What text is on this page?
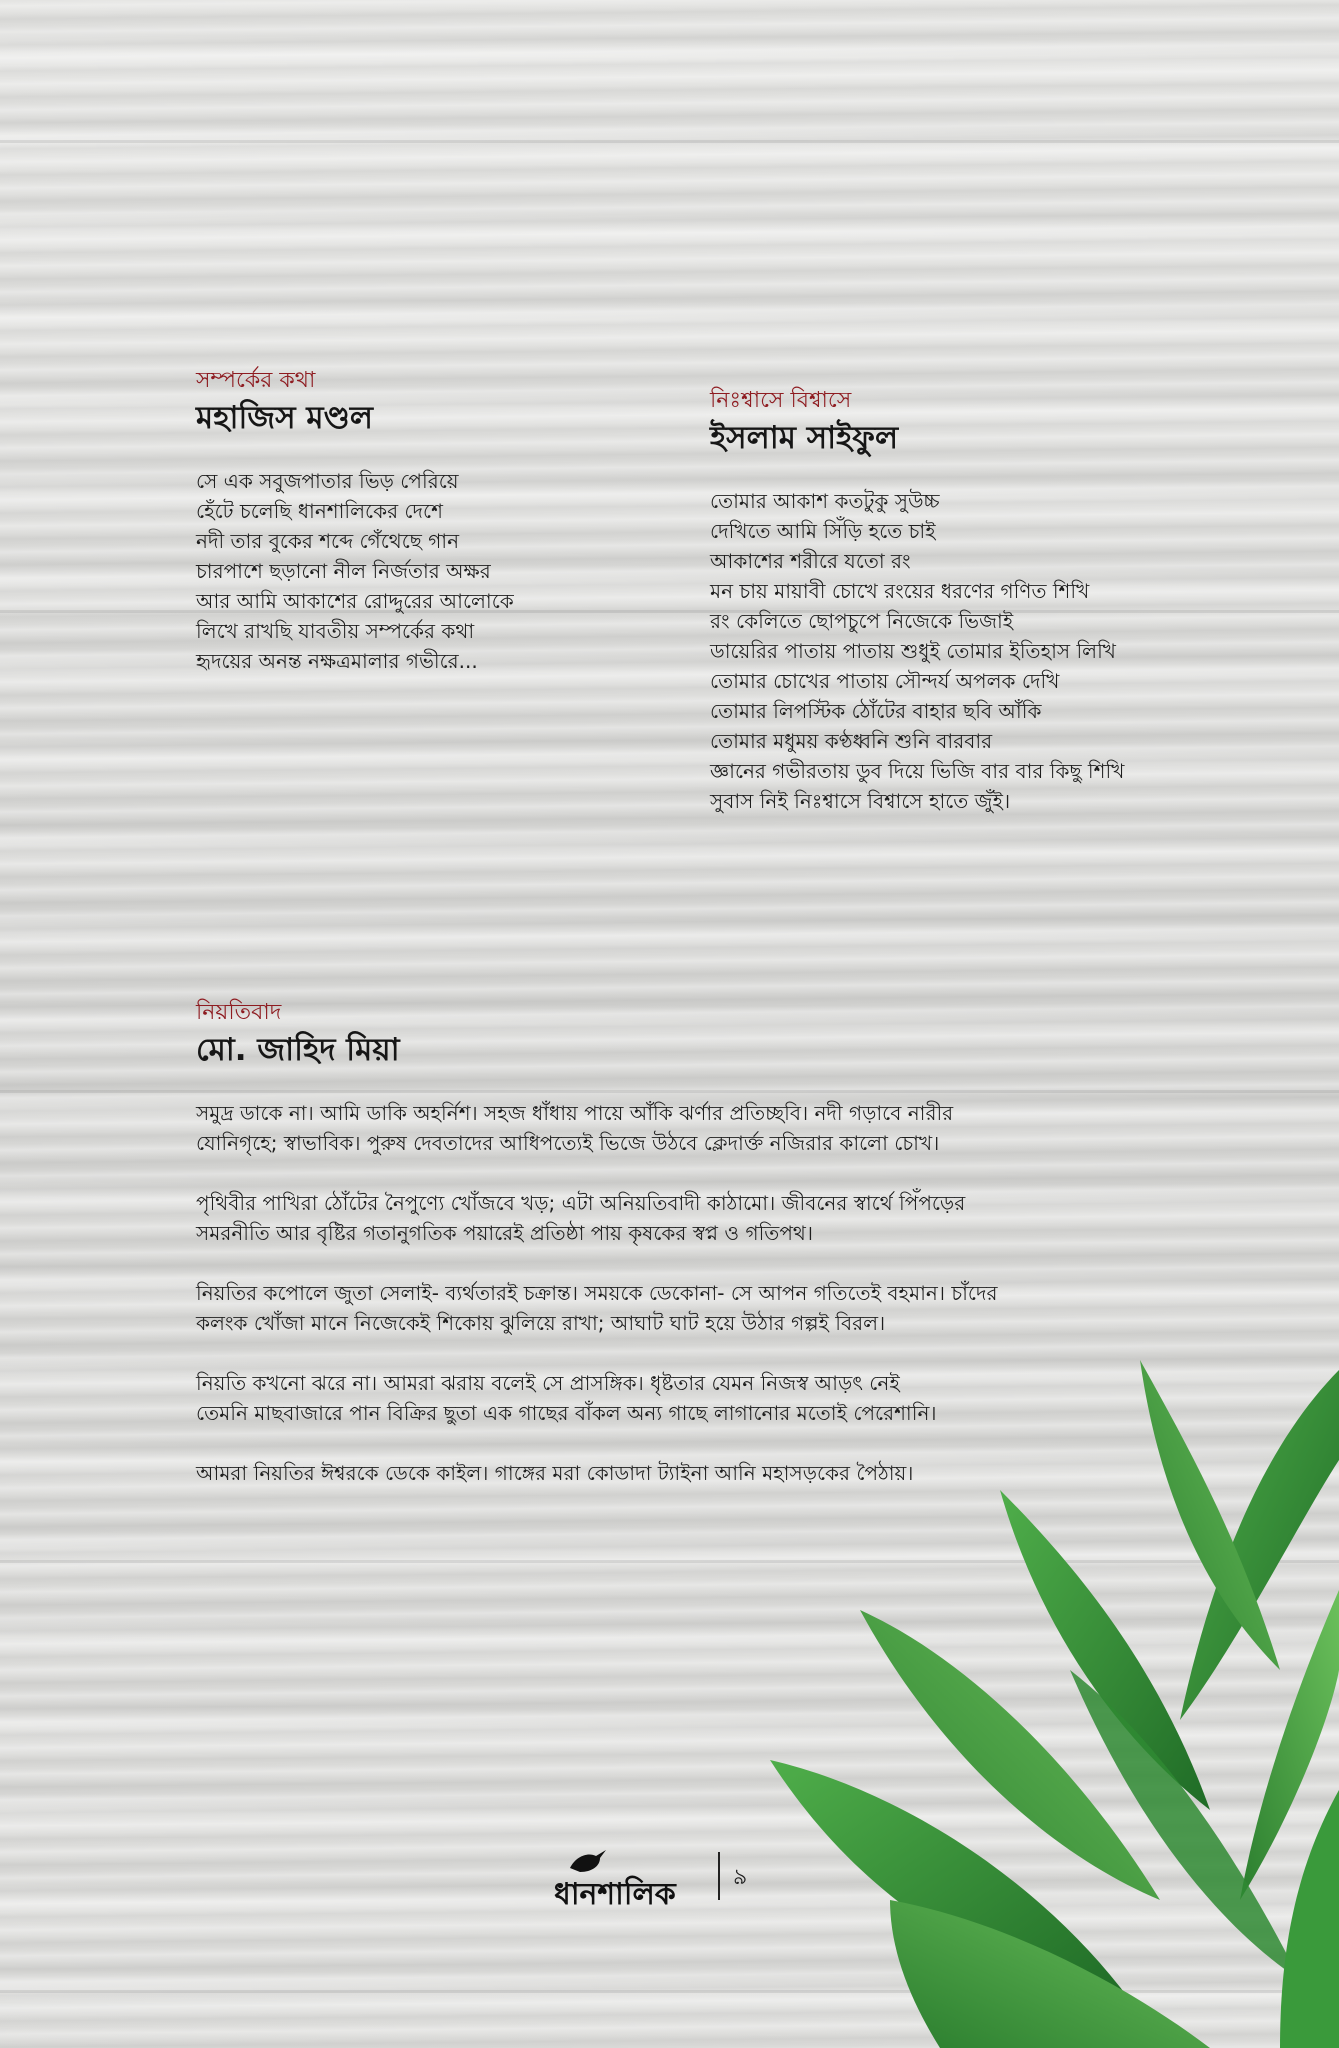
সম্পর্কের কথা
মহাজিস মণ্ডল
সে এক সবুজপাতার ভিড় পেরিয়ে
হেঁটে চলেছি ধানশালিকের দেশে
নদী তার বুকের শব্দে গেঁথেছে গান
চারপাশে ছড়ানো নীল নির্জতার অক্ষর
আর আমি আকাশের রোদ্দুরের আলোকে
লিখে রাখছি যাবতীয় সম্পর্কের কথা
হৃদয়ের অনন্ত নক্ষত্রমালার গভীরে...
নিঃশ্বাসে বিশ্বাসে
ইসলাম সাইফুল
তোমার আকাশ কতটুকু সুউচ্চ
দেখিতে আমি সিঁড়ি হতে চাই
আকাশের শরীরে যতো রং
মন চায় মায়াবী চোখে রংয়ের ধরণের গণিত শিখি
রং কেলিতে ছোপচুপে নিজেকে ভিজাই
ডায়েরির পাতায় পাতায় শুধুই তোমার ইতিহাস লিখি
তোমার চোখের পাতায় সৌন্দর্য অপলক দেখি
তোমার লিপস্টিক ঠোঁটের বাহার ছবি আঁকি
তোমার মধুময় কণ্ঠধ্বনি শুনি বারবার
জ্ঞানের গভীরতায় ডুব দিয়ে ভিজি বার বার কিছু শিখি
সুবাস নিই নিঃশ্বাসে বিশ্বাসে হাতে জুঁই।
নিয়তিবাদ
মো. জাহিদ মিয়া
সমুদ্র ডাকে না। আমি ডাকি অহর্নিশ। সহজ ধাঁধায় পায়ে আঁকি ঝর্ণার প্রতিচ্ছবি। নদী গড়াবে নারীর
যোনিগৃহে; স্বাভাবিক। পুরুষ দেবতাদের আধিপত্যেই ভিজে উঠবে ক্লেদার্ক্ত নজিরার কালো চোখ।
পৃথিবীর পাখিরা ঠোঁটের নৈপুণ্যে খোঁজবে খড়; এটা অনিয়তিবাদী কাঠামো। জীবনের স্বার্থে পিঁপড়ের
সমরনীতি আর বৃষ্টির গতানুগতিক পয়ারেই প্রতিষ্ঠা পায় কৃষকের স্বপ্ন ও গতিপথ।
নিয়তির কপোলে জুতা সেলাই- ব্যর্থতারই চক্রান্ত। সময়কে ডেকোনা- সে আপন গতিতেই বহমান। চাঁদের
কলংক খোঁজা মানে নিজেকেই শিকোয় ঝুলিয়ে রাখা; আঘাট ঘাট হয়ে উঠার গল্পই বিরল।
নিয়তি কখনো ঝরে না। আমরা ঝরায় বলেই সে প্রাসঙ্গিক। ধৃষ্টতার যেমন নিজস্ব আড়ৎ নেই
তেমনি মাছবাজারে পান বিক্রির ছুতা এক গাছের বাঁকল অন্য গাছে লাগানোর মতোই পেরেশানি।
আমরা নিয়তির ঈশ্বরকে ডেকে কাইল। গাঙ্গের মরা কোডাদা ট্যাইনা আনি মহাসড়কের পৈঠায়।
ধানশালিক	৯
